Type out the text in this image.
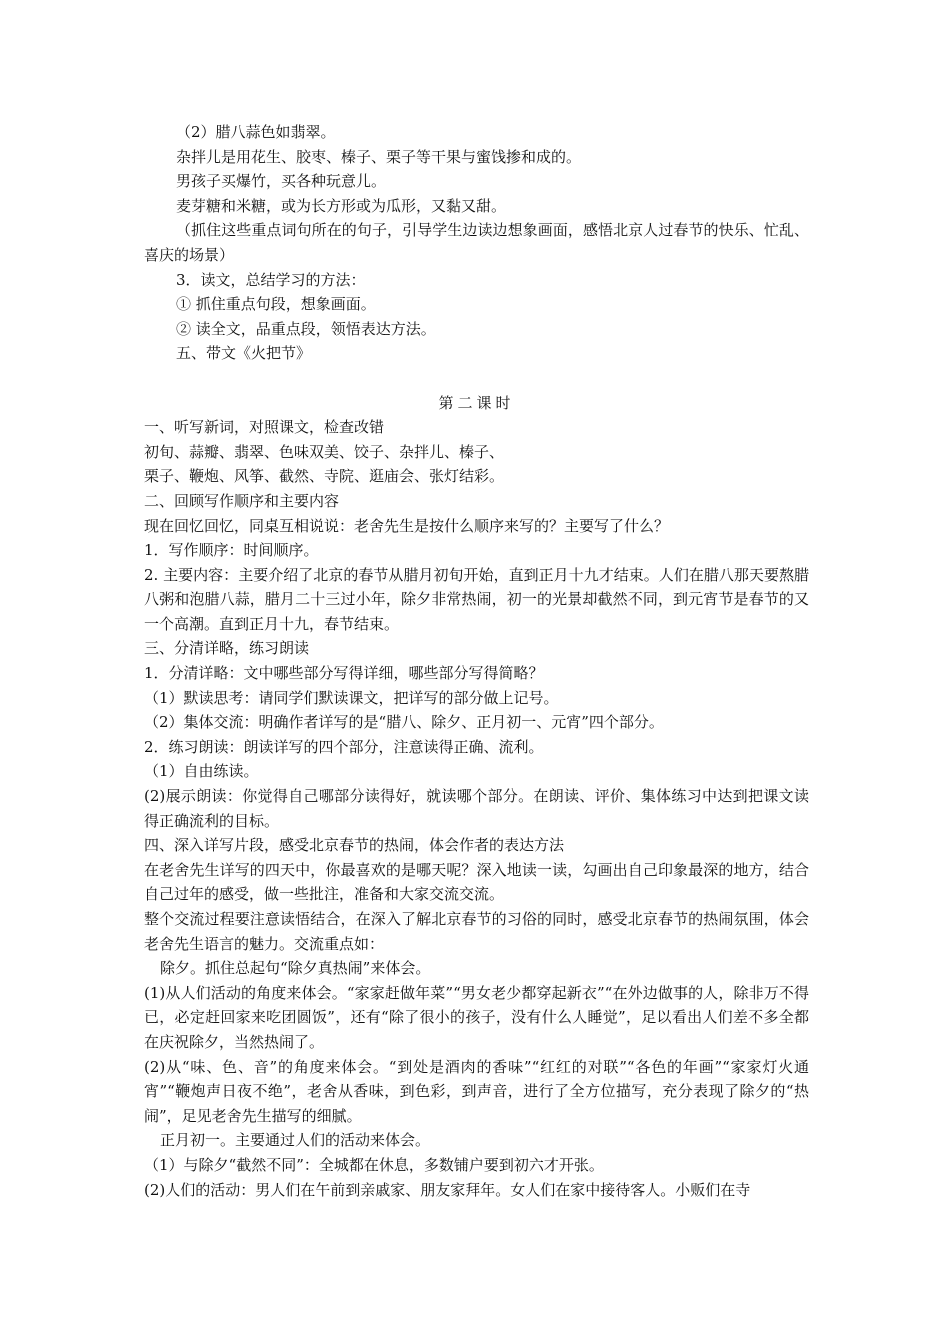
（2）腊八蒜色如翡翠。

杂拌儿是用花生、胶枣、榛子、栗子等干果与蜜饯掺和成的。

男孩子买爆竹，买各种玩意儿。

麦芽糖和米糖，或为长方形或为瓜形，又黏又甜。

（抓住这些重点词句所在的句子，引导学生边读边想象画面，感悟北京人过春节的快乐、忙乱、喜庆的场景）

3．读文，总结学习的方法：

① 抓住重点句段，想象画面。

② 读全文，品重点段，领悟表达方法。

五、带文《火把节》

第二课时

一、听写新词，对照课文，检查改错

初旬、蒜瓣、翡翠、色味双美、饺子、杂拌儿、榛子、

栗子、鞭炮、风筝、截然、寺院、逛庙会、张灯结彩。

二、回顾写作顺序和主要内容

现在回忆回忆，同桌互相说说：老舍先生是按什么顺序来写的？主要写了什么？

1．写作顺序：时间顺序。

2. 主要内容：主要介绍了北京的春节从腊月初旬开始，直到正月十九才结束。人们在腊八那天要熬腊八粥和泡腊八蒜，腊月二十三过小年，除夕非常热闹，初一的光景却截然不同，到元宵节是春节的又一个高潮。直到正月十九，春节结束。

三、分清详略，练习朗读

1．分清详略：文中哪些部分写得详细，哪些部分写得简略？

（1）默读思考：请同学们默读课文，把详写的部分做上记号。

（2）集体交流：明确作者详写的是“腊八、除夕、正月初一、元宵”四个部分。

2．练习朗读：朗读详写的四个部分，注意读得正确、流利。

（1）自由练读。

(2)展示朗读：你觉得自己哪部分读得好，就读哪个部分。在朗读、评价、集体练习中达到把课文读得正确流利的目标。

四、深入详写片段，感受北京春节的热闹，体会作者的表达方法

在老舍先生详写的四天中，你最喜欢的是哪天呢？深入地读一读，勾画出自己印象最深的地方，结合自己过年的感受，做一些批注，准备和大家交流交流。

整个交流过程要注意读悟结合，在深入了解北京春节的习俗的同时，感受北京春节的热闹氛围，体会老舍先生语言的魅力。交流重点如：

除夕。抓住总起句“除夕真热闹”来体会。

(1)从人们活动的角度来体会。“家家赶做年菜”“男女老少都穿起新衣”“在外边做事的人，除非万不得已，必定赶回家来吃团圆饭”，还有“除了很小的孩子，没有什么人睡觉”，足以看出人们差不多全都在庆祝除夕，当然热闹了。

(2)从“味、色、音”的角度来体会。“到处是酒肉的香味”“红红的对联”“各色的年画”“家家灯火通宵”“鞭炮声日夜不绝”，老舍从香味，到色彩，到声音，进行了全方位描写，充分表现了除夕的“热闹”，足见老舍先生描写的细腻。

正月初一。主要通过人们的活动来体会。

（1）与除夕“截然不同”：全城都在休息，多数铺户要到初六才开张。

(2)人们的活动：男人们在午前到亲戚家、朋友家拜年。女人们在家中接待客人。小贩们在寺
